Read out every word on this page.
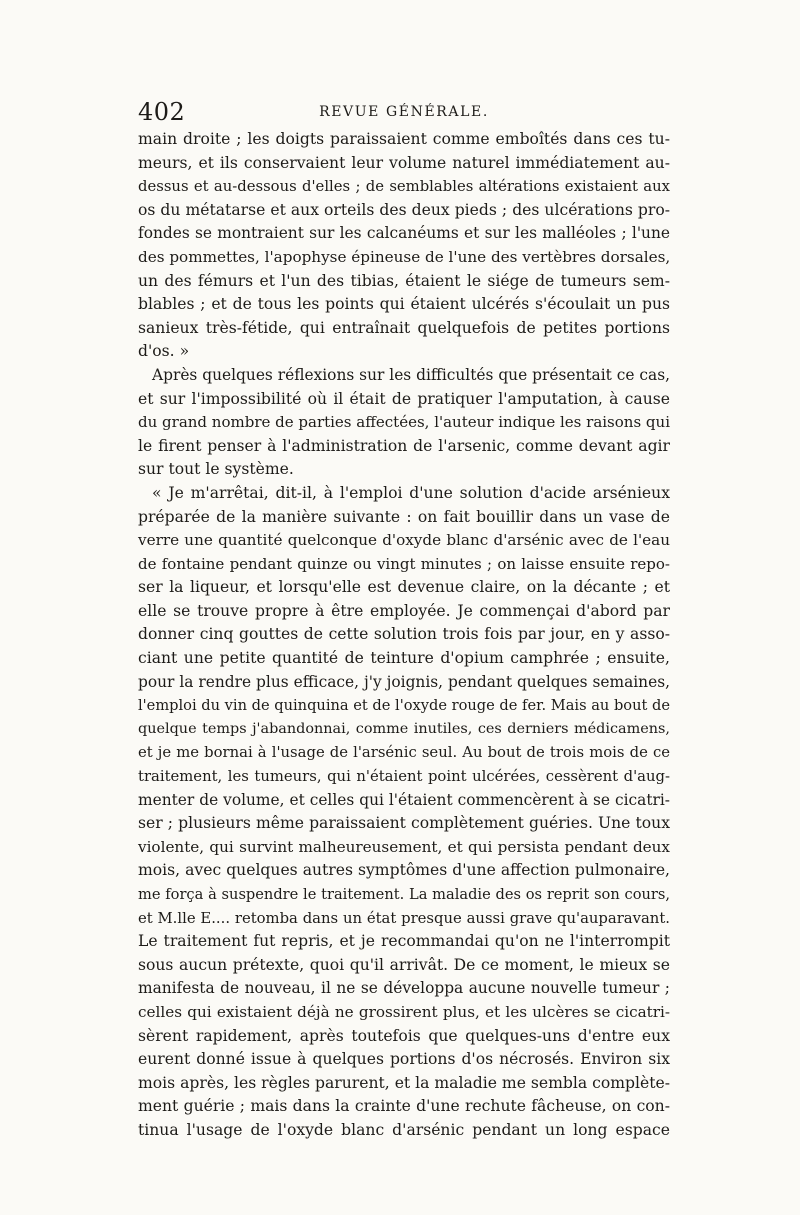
402	REVUE GÉNÉRALE.
main droite ; les doigts paraissaient comme emboîtés dans ces tu-
meurs, et ils conservaient leur volume naturel immédiatement au-
dessus et au-dessous d'elles ; de semblables altérations existaient aux
os du métatarse et aux orteils des deux pieds ; des ulcérations pro-
fondes se montraient sur les calcanéums et sur les malléoles ; l'une
des pommettes, l'apophyse épineuse de l'une des vertèbres dorsales,
un des fémurs et l'un des tibias, étaient le siége de tumeurs sem-
blables ; et de tous les points qui étaient ulcérés s'écoulait un pus
sanieux très-fétide, qui entraînait quelquefois de petites portions
d'os. »
Après quelques réflexions sur les difficultés que présentait ce cas,
et sur l'impossibilité où il était de pratiquer l'amputation, à cause
du grand nombre de parties affectées, l'auteur indique les raisons qui
le firent penser à l'administration de l'arsenic, comme devant agir
sur tout le système.
« Je m'arrêtai, dit-il, à l'emploi d'une solution d'acide arsénieux
préparée de la manière suivante : on fait bouillir dans un vase de
verre une quantité quelconque d'oxyde blanc d'arsénic avec de l'eau
de fontaine pendant quinze ou vingt minutes ; on laisse ensuite repo-
ser la liqueur, et lorsqu'elle est devenue claire, on la décante ; et
elle se trouve propre à être employée. Je commençai d'abord par
donner cinq gouttes de cette solution trois fois par jour, en y asso-
ciant une petite quantité de teinture d'opium camphrée ; ensuite,
pour la rendre plus efficace, j'y joignis, pendant quelques semaines,
l'emploi du vin de quinquina et de l'oxyde rouge de fer. Mais au bout de
quelque temps j'abandonnai, comme inutiles, ces derniers médicamens,
et je me bornai à l'usage de l'arsénic seul. Au bout de trois mois de ce
traitement, les tumeurs, qui n'étaient point ulcérées, cessèrent d'aug-
menter de volume, et celles qui l'étaient commencèrent à se cicatri-
ser ; plusieurs même paraissaient complètement guéries. Une toux
violente, qui survint malheureusement, et qui persista pendant deux
mois, avec quelques autres symptômes d'une affection pulmonaire,
me força à suspendre le traitement. La maladie des os reprit son cours,
et M.lle E.... retomba dans un état presque aussi grave qu'auparavant.
Le traitement fut repris, et je recommandai qu'on ne l'interrompit
sous aucun prétexte, quoi qu'il arrivât. De ce moment, le mieux se
manifesta de nouveau, il ne se développa aucune nouvelle tumeur ;
celles qui existaient déjà ne grossirent plus, et les ulcères se cicatri-
sèrent rapidement, après toutefois que quelques-uns d'entre eux
eurent donné issue à quelques portions d'os nécrosés. Environ six
mois après, les règles parurent, et la maladie me sembla complète-
ment guérie ; mais dans la crainte d'une rechute fâcheuse, on con-
tinua l'usage de l'oxyde blanc d'arsénic pendant un long espace
